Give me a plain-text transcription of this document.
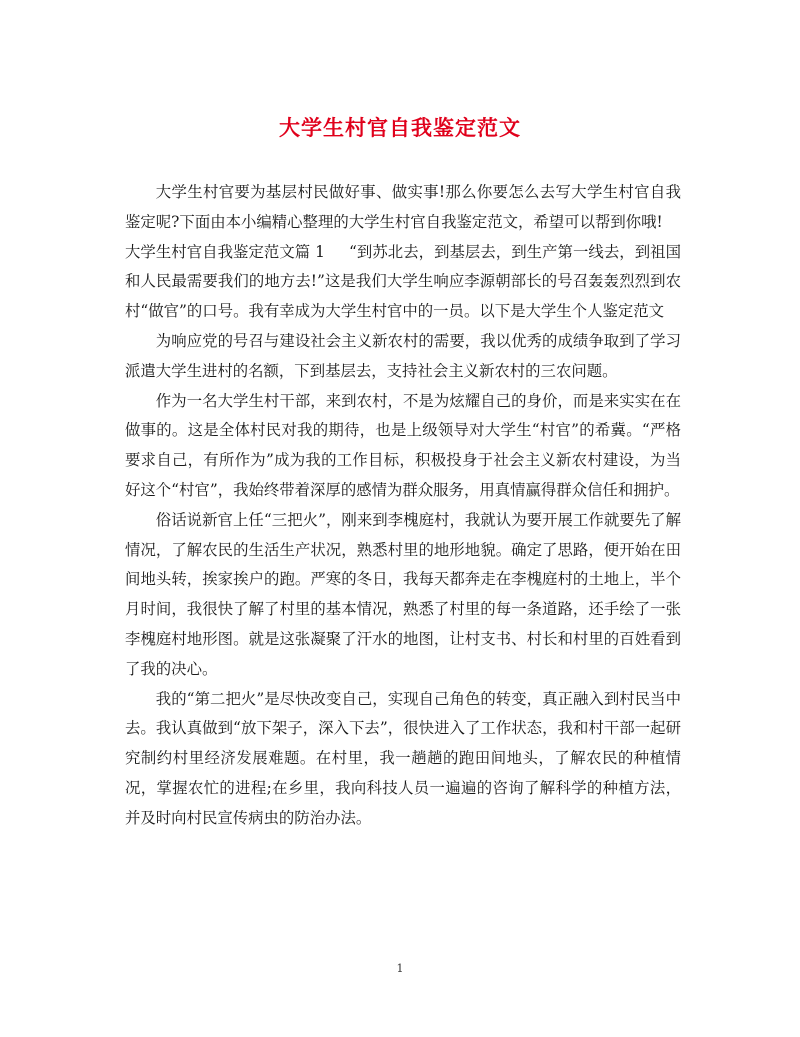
大学生村官自我鉴定范文

大学生村官要为基层村民做好事、做实事!那么你要怎么去写大学生村官自我鉴定呢?下面由本小编精心整理的大学生村官自我鉴定范文，希望可以帮到你哦!

大学生村官自我鉴定范文篇 1 “到苏北去，到基层去，到生产第一线去，到祖国和人民最需要我们的地方去!”这是我们大学生响应李源朝部长的号召轰轰烈烈到农村“做官”的口号。我有幸成为大学生村官中的一员。以下是大学生个人鉴定范文

为响应党的号召与建设社会主义新农村的需要，我以优秀的成绩争取到了学习派遣大学生进村的名额，下到基层去，支持社会主义新农村的三农问题。

作为一名大学生村干部，来到农村，不是为炫耀自己的身价，而是来实实在在做事的。这是全体村民对我的期待，也是上级领导对大学生“村官”的希冀。“严格要求自己，有所作为”成为我的工作目标，积极投身于社会主义新农村建设，为当好这个“村官”，我始终带着深厚的感情为群众服务，用真情赢得群众信任和拥护。

俗话说新官上任“三把火”，刚来到李槐庭村，我就认为要开展工作就要先了解情况，了解农民的生活生产状况，熟悉村里的地形地貌。确定了思路，便开始在田间地头转，挨家挨户的跑。严寒的冬日，我每天都奔走在李槐庭村的土地上，半个月时间，我很快了解了村里的基本情况，熟悉了村里的每一条道路，还手绘了一张李槐庭村地形图。就是这张凝聚了汗水的地图，让村支书、村长和村里的百姓看到了我的决心。

我的“第二把火”是尽快改变自己，实现自己角色的转变，真正融入到村民当中去。我认真做到“放下架子，深入下去”，很快进入了工作状态，我和村干部一起研究制约村里经济发展难题。在村里，我一趟趟的跑田间地头，了解农民的种植情况，掌握农忙的进程;在乡里，我向科技人员一遍遍的咨询了解科学的种植方法，并及时向村民宣传病虫的防治办法。

1
